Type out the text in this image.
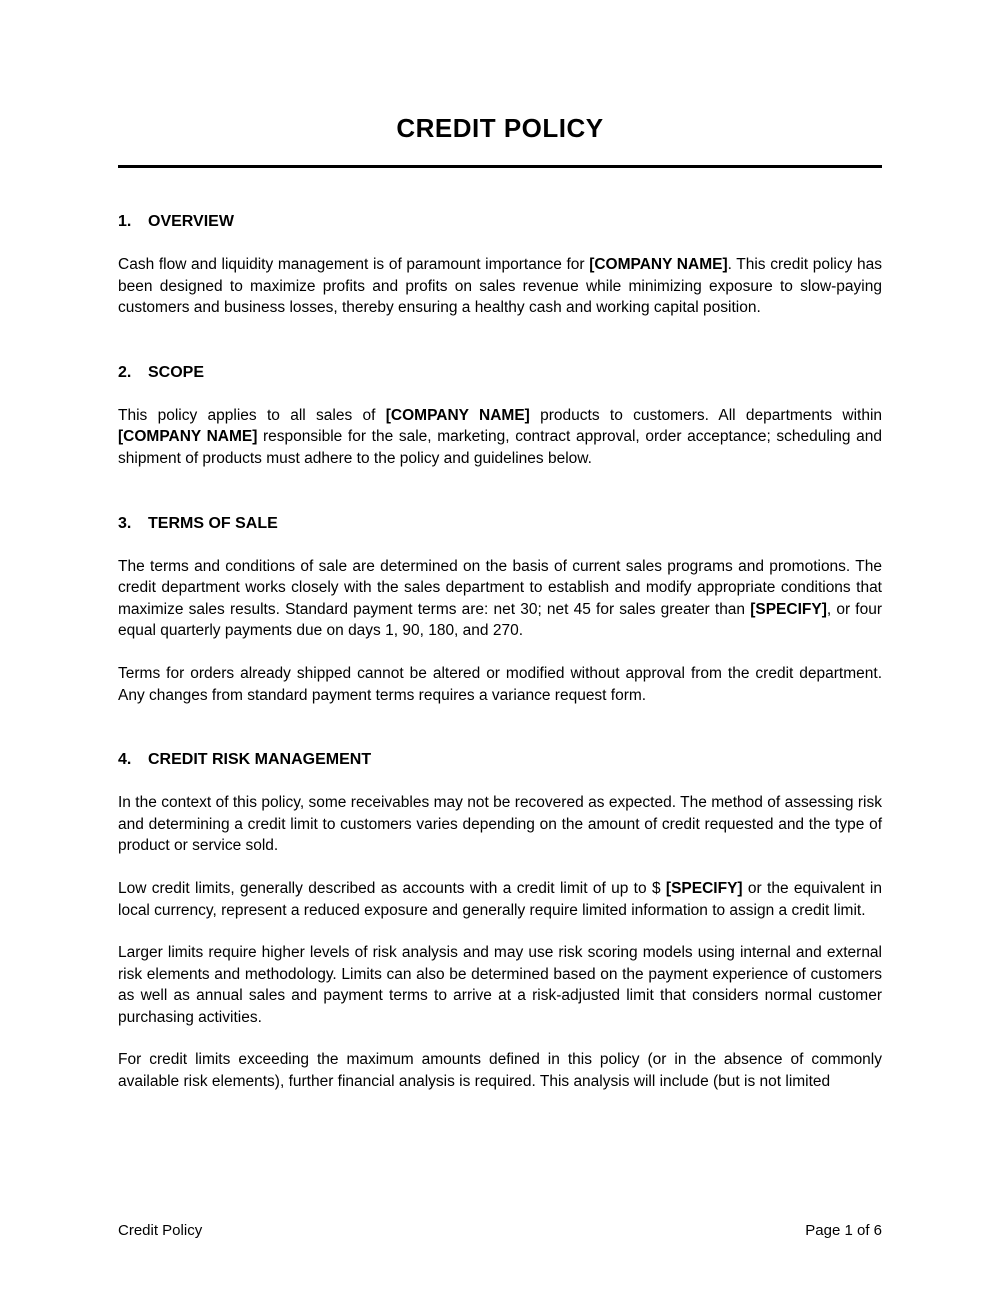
CREDIT POLICY
1. OVERVIEW

Cash flow and liquidity management is of paramount importance for [COMPANY NAME]. This credit policy has been designed to maximize profits and profits on sales revenue while minimizing exposure to slow-paying customers and business losses, thereby ensuring a healthy cash and working capital position.

2. SCOPE

This policy applies to all sales of [COMPANY NAME] products to customers. All departments within [COMPANY NAME] responsible for the sale, marketing, contract approval, order acceptance; scheduling and shipment of products must adhere to the policy and guidelines below.

3. TERMS OF SALE

The terms and conditions of sale are determined on the basis of current sales programs and promotions. The credit department works closely with the sales department to establish and modify appropriate conditions that maximize sales results. Standard payment terms are: net 30; net 45 for sales greater than [SPECIFY], or four equal quarterly payments due on days 1, 90, 180, and 270.

Terms for orders already shipped cannot be altered or modified without approval from the credit department. Any changes from standard payment terms requires a variance request form.

4. CREDIT RISK MANAGEMENT

In the context of this policy, some receivables may not be recovered as expected. The method of assessing risk and determining a credit limit to customers varies depending on the amount of credit requested and the type of product or service sold.

Low credit limits, generally described as accounts with a credit limit of up to $ [SPECIFY] or the equivalent in local currency, represent a reduced exposure and generally require limited information to assign a credit limit.

Larger limits require higher levels of risk analysis and may use risk scoring models using internal and external risk elements and methodology. Limits can also be determined based on the payment experience of customers as well as annual sales and payment terms to arrive at a risk-adjusted limit that considers normal customer purchasing activities.

For credit limits exceeding the maximum amounts defined in this policy (or in the absence of commonly available risk elements), further financial analysis is required. This analysis will include (but is not limited

Credit Policy	Page 1 of 6
